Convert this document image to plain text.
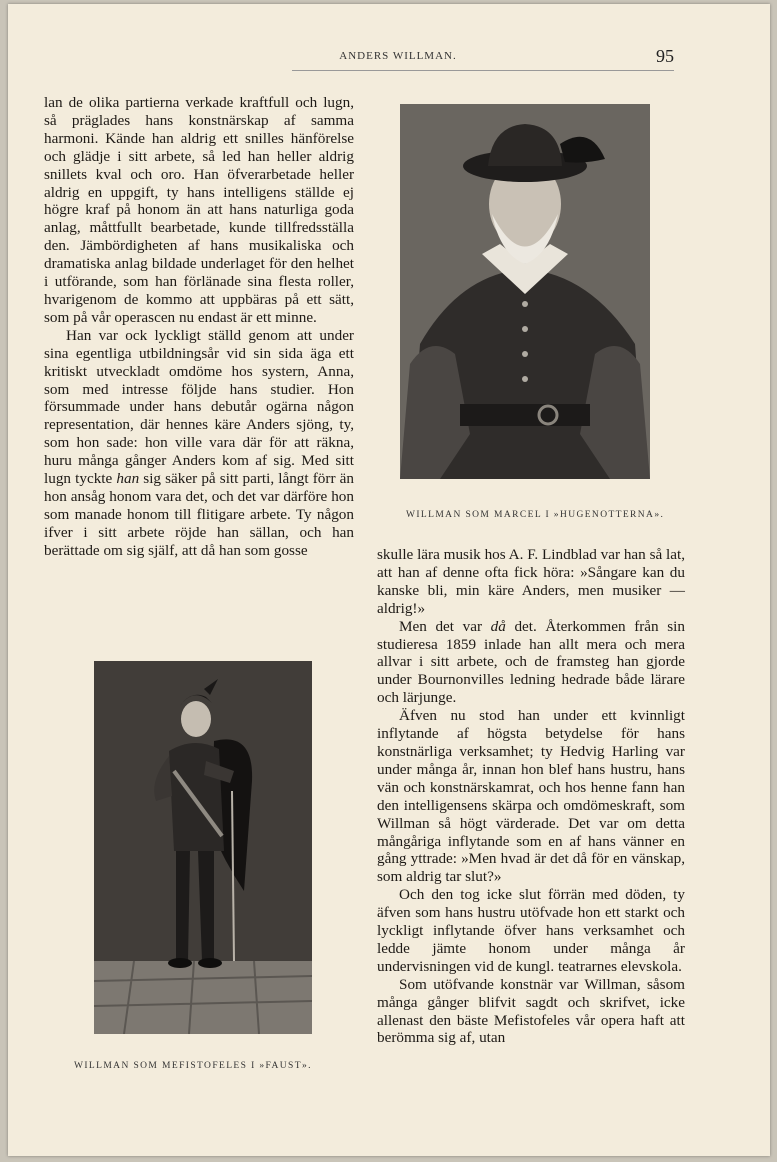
ANDERS WILLMAN.	95

lan de olika partierna verkade kraftfull och lugn, så präglades hans konstnärskap af samma harmoni. Kände han aldrig ett snilles hänförelse och glädje i sitt arbete, så led han heller aldrig snillets kval och oro. Han öfverarbetade heller aldrig en uppgift, ty hans intelligens ställde ej högre kraf på honom än att hans naturliga goda anlag, måttfullt bearbetade, kunde tillfredsställa den. Jämbördigheten af hans musikaliska och dramatiska anlag bildade underlaget för den helhet i utförande, som han förlänade sina flesta roller, hvarigenom de kommo att uppbäras på ett sätt, som på vår operascen nu endast är ett minne.

Han var ock lyckligt ställd genom att under sina egentliga utbildningsår vid sin sida äga ett kritiskt utveckladt omdöme hos systern, Anna, som med intresse följde hans studier. Hon försummade under hans debutår ogärna någon representation, där hennes käre Anders sjöng, ty, som hon sade: hon ville vara där för att räkna, huru många gånger Anders kom af sig. Med sitt lugn tyckte han sig säker på sitt parti, långt förr än hon ansåg honom vara det, och det var därföre hon som manade honom till flitigare arbete. Ty någon ifver i sitt arbete röjde han sällan, och han berättade om sig själf, att då han som gosse

WILLMAN SOM MARCEL I »HUGENOTTERNA».

skulle lära musik hos A. F. Lindblad var han så lat, att han af denne ofta fick höra: »Sångare kan du kanske bli, min käre Anders, men musiker — aldrig!»

Men det var då det. Återkommen från sin studieresa 1859 inlade han allt mera och mera allvar i sitt arbete, och de framsteg han gjorde under Bournonvilles ledning hedrade både lärare och lärjunge.

Äfven nu stod han under ett kvinnligt inflytande af högsta betydelse för hans konstnärliga verksamhet; ty Hedvig Harling var under många år, innan hon blef hans hustru, hans vän och konstnärskamrat, och hos henne fann han den intelligensens skärpa och omdömeskraft, som Willman så högt värderade. Det var om detta mångåriga inflytande som en af hans vänner en gång yttrade: »Men hvad är det då för en vänskap, som aldrig tar slut?»

Och den tog icke slut förrän med döden, ty äfven som hans hustru utöfvade hon ett starkt och lyckligt inflytande öfver hans verksamhet och ledde jämte honom under många år undervisningen vid de kungl. teatrarnes elevskola.

Som utöfvande konstnär var Willman, såsom många gånger blifvit sagdt och skrifvet, icke allenast den bäste Mefistofeles vår opera haft att berömma sig af, utan

WILLMAN SOM MEFISTOFELES I »FAUST».
